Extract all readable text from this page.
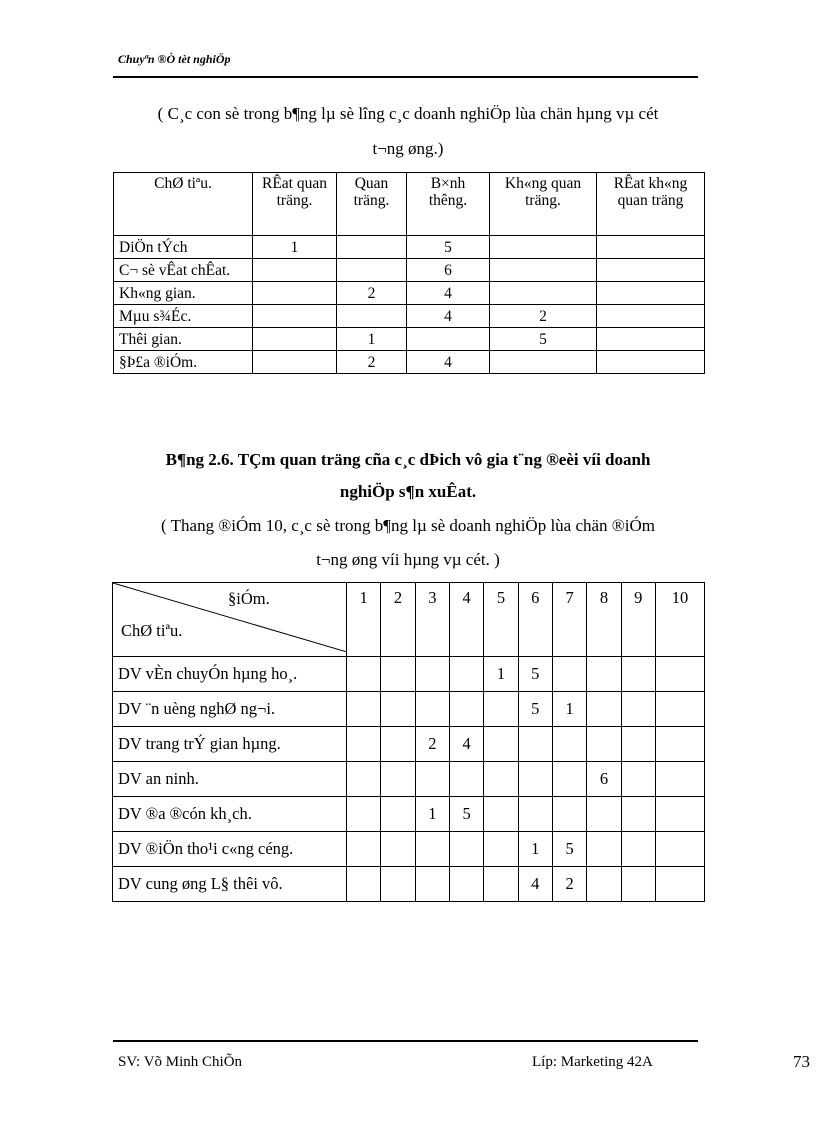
Chuyªn ®Ò tèt nghiÖp
( C¸c con sè trong b¶ng lµ sè lîng c¸c doanh nghiÖp lùa chän hµng vµ cét
t¬ng øng.)
ChØ tiªu.	RÊat quan träng.	Quan träng.	B×nh thêng.	Kh«ng quan träng.	RÊat kh«ng quan träng
DiÖn tÝch	1		5		
C¬ sè vÊat chÊat.			6		
Kh«ng gian.		2	4		
Mµu s¾Éc.			4	2	
Thêi gian.		1		5	
§Þ£a ®iÓm.		2	4		
B¶ng 2.6. TÇm quan träng cña c¸c dÞich vô gia t¨ng ®eèi víi doanh
nghiÖp s¶n xuÊat.
( Thang ®iÓm 10, c¸c sè trong b¶ng lµ sè doanh nghiÖp lùa chän ®iÓm
t¬ng øng víi hµng vµ cét. )
§iÓm.
ChØ tiªu.	1	2	3	4	5	6	7	8	9	10
DV vÈn chuyÓn hµng ho¸.					1	5				
DV ¨n uèng nghØ ng¬i.						5	1			
DV trang trÝ gian hµng.			2	4						
DV an ninh.								6		
DV ®a ®cón kh¸ch.			1	5						
DV ®iÖn tho¹i c«ng céng.						1	5			
DV cung øng L§ thêi vô.						4	2			
SV: Võ Minh ChiÕn	Líp: Marketing 42A	73
